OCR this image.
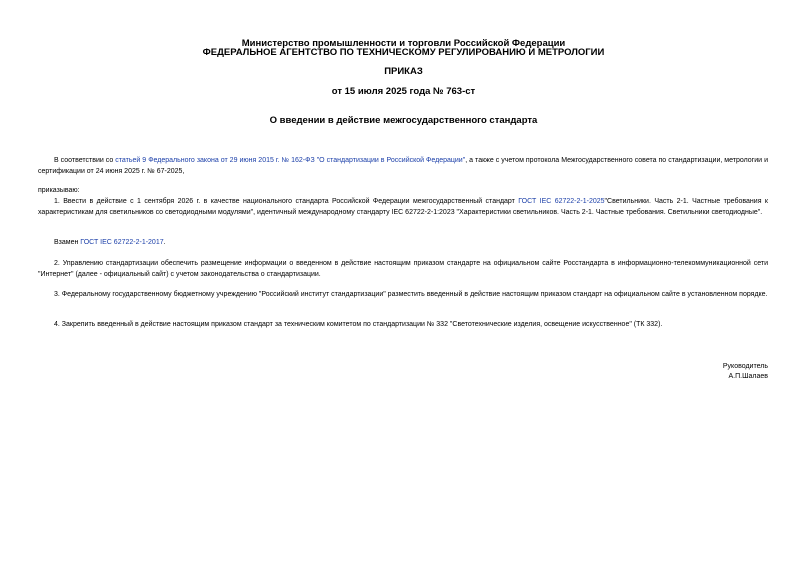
Министерство промышленности и торговли Российской Федерации
ФЕДЕРАЛЬНОЕ АГЕНТСТВО ПО ТЕХНИЧЕСКОМУ РЕГУЛИРОВАНИЮ И МЕТРОЛОГИИ
ПРИКАЗ
от 15 июля 2025 года № 763-ст
О введении в действие межгосударственного стандарта
В соответствии со статьей 9 Федерального закона от 29 июня 2015 г. № 162-ФЗ "О стандартизации в Российской Федерации", а также с учетом протокола Межгосударственного совета по стандартизации, метрологии и сертификации от 24 июня 2025 г. № 67-2025,
приказываю:
1. Ввести в действие с 1 сентября 2026 г. в качестве национального стандарта Российской Федерации межгосударственный стандарт ГОСТ IEC 62722-2-1-2025"Светильники. Часть 2-1. Частные требования к характеристикам для светильников со светодиодными модулями", идентичный международному стандарту IEC 62722-2-1:2023 "Характеристики светильников. Часть 2-1. Частные требования. Светильники светодиодные".
Взамен ГОСТ IEC 62722-2-1-2017.
2. Управлению стандартизации обеспечить размещение информации о введенном в действие настоящим приказом стандарте на официальном сайте Росстандарта в информационно-телекоммуникационной сети "Интернет" (далее - официальный сайт) с учетом законодательства о стандартизации.
3. Федеральному государственному бюджетному учреждению "Российский институт стандартизации" разместить введенный в действие настоящим приказом стандарт на официальном сайте в установленном порядке.
4. Закрепить введенный в действие настоящим приказом стандарт за техническим комитетом по стандартизации № 332 "Светотехнические изделия, освещение искусственное" (ТК 332).
Руководитель
А.П.Шалаев
